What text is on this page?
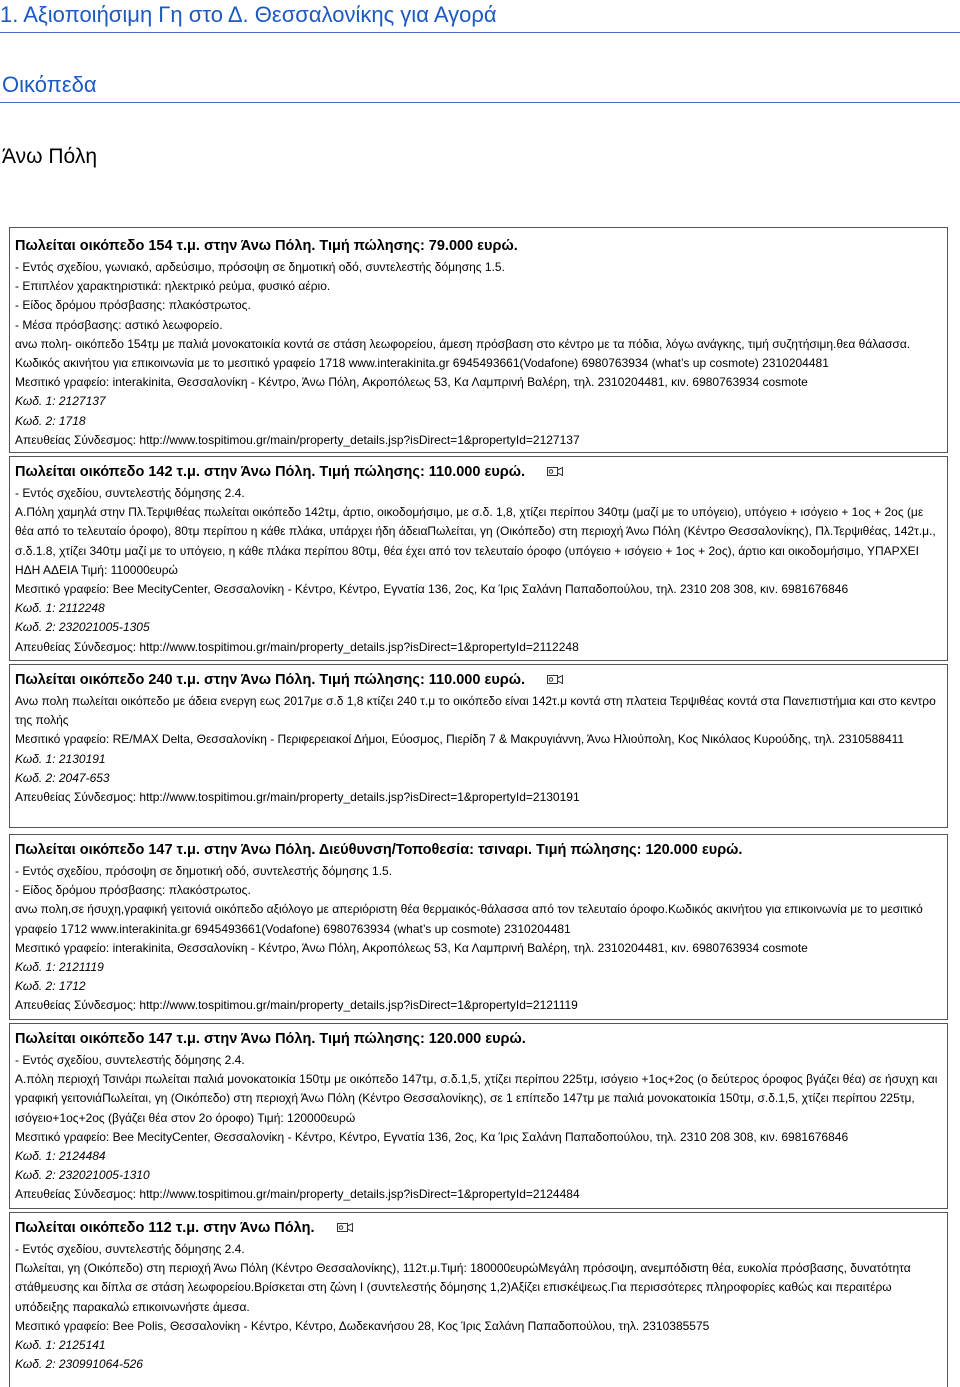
1. Αξιοποιήσιμη Γη στο Δ. Θεσσαλονίκης για Αγορά
Οικόπεδα
Άνω Πόλη
Πωλείται οικόπεδο 154 τ.μ. στην Άνω Πόλη. Τιμή πώλησης: 79.000 ευρώ.
- Εντός σχεδίου, γωνιακό, αρδεύσιμο, πρόσοψη σε δημοτική οδό, συντελεστής δόμησης 1.5.
- Επιπλέον χαρακτηριστικά: ηλεκτρικό ρεύμα, φυσικό αέριο.
- Είδος δρόμου πρόσβασης: πλακόστρωτος.
- Μέσα πρόσβασης: αστικό λεωφορείο.
ανω πολη- οικόπεδο 154τμ με παλιά μονοκατοικία κοντά σε στάση λεωφορείου, άμεση πρόσβαση στο κέντρο με τα πόδια, λόγω ανάγκης, τιμή συζητήσιμη.θεα θάλασσα. Κωδικός ακινήτου για επικοινωνία με το μεσιτικό γραφείο 1718 www.interakinita.gr 6945493661(Vodafone) 6980763934 (what’s up cosmote) 2310204481
Μεσιτικό γραφείο: interakinita, Θεσσαλονίκη - Κέντρο, Άνω Πόλη, Ακροπόλεως 53, Κα Λαμπρινή Βαλέρη, τηλ. 2310204481, κιν. 6980763934 cosmote
Κωδ. 1: 2127137
Κωδ. 2: 1718
Απευθείας Σύνδεσμος: http://www.tospitimou.gr/main/property_details.jsp?isDirect=1&propertyId=2127137
Πωλείται οικόπεδο 142 τ.μ. στην Άνω Πόλη. Τιμή πώλησης: 110.000 ευρώ.
- Εντός σχεδίου, συντελεστής δόμησης 2.4.
Α.Πόλη χαμηλά στην Πλ.Τερψιθέας πωλείται οικόπεδο 142τμ, άρτιο, οικοδομήσιμο, με σ.δ. 1,8, χτίζει περίπου 340τμ (μαζί με το υπόγειο), υπόγειο + ισόγειο + 1ος + 2ος (με θέα από το τελευταίο όροφο), 80τμ περίπου η κάθε πλάκα, υπάρχει ήδη άδειαΠωλείται, γη (Οικόπεδο) στη περιοχή Άνω Πόλη (Κέντρο Θεσσαλονίκης), Πλ.Τερψιθέας, 142τ.μ., σ.δ.1.8, χτίζει 340τμ μαζί με το υπόγειο, η κάθε πλάκα περίπου 80τμ, θέα έχει από τον τελευταίο όροφο (υπόγειο + ισόγειο + 1ος + 2ος), άρτιο και οικοδομήσιμο, ΥΠΑΡΧΕΙ ΗΔΗ ΑΔΕΙΑ Τιμή: 110000ευρώ
Μεσιτικό γραφείο: Bee MecityCenter, Θεσσαλονίκη - Κέντρο, Κέντρο, Εγνατία 136, 2ος, Κα Ίρις Σαλάνη Παπαδοπούλου, τηλ. 2310 208 308, κιν. 6981676846
Κωδ. 1: 2112248
Κωδ. 2: 232021005-1305
Απευθείας Σύνδεσμος: http://www.tospitimou.gr/main/property_details.jsp?isDirect=1&propertyId=2112248
Πωλείται οικόπεδο 240 τ.μ. στην Άνω Πόλη. Τιμή πώλησης: 110.000 ευρώ.
Ανω πολη πωλείται οικόπεδο με άδεια ενεργη εως 2017με σ.δ 1,8 κτίζει 240 τ.μ το οικόπεδο είναι 142τ.μ κοντά στη πλατεια Τερψιθέας κοντά στα Πανεπιστήμια και στο κεντρο της πολής
Μεσιτικό γραφείο: RE/MAX Delta, Θεσσαλονίκη - Περιφερειακοί Δήμοι, Εύοσμος, Πιερίδη 7 & Μακρυγιάννη, Άνω Ηλιούπολη, Κος Νικόλαος Κυρούδης, τηλ. 2310588411
Κωδ. 1: 2130191
Κωδ. 2: 2047-653
Απευθείας Σύνδεσμος: http://www.tospitimou.gr/main/property_details.jsp?isDirect=1&propertyId=2130191
Πωλείται οικόπεδο 147 τ.μ. στην Άνω Πόλη. Διεύθυνση/Τοποθεσία: τσιναρι. Τιμή πώλησης: 120.000 ευρώ.
- Εντός σχεδίου, πρόσοψη σε δημοτική οδό, συντελεστής δόμησης 1.5.
- Είδος δρόμου πρόσβασης: πλακόστρωτος.
ανω πολη,σε ήσυχη,γραφική γειτονιά οικόπεδο αξιόλογο με απεριόριστη θέα θερμαικός-θάλασσα από τον τελευταίο όροφο.Κωδικός ακινήτου για επικοινωνία με το μεσιτικό γραφείο 1712 www.interakinita.gr 6945493661(Vodafone) 6980763934 (what’s up cosmote) 2310204481
Μεσιτικό γραφείο: interakinita, Θεσσαλονίκη - Κέντρο, Άνω Πόλη, Ακροπόλεως 53, Κα Λαμπρινή Βαλέρη, τηλ. 2310204481, κιν. 6980763934 cosmote
Κωδ. 1: 2121119
Κωδ. 2: 1712
Απευθείας Σύνδεσμος: http://www.tospitimou.gr/main/property_details.jsp?isDirect=1&propertyId=2121119
Πωλείται οικόπεδο 147 τ.μ. στην Άνω Πόλη. Τιμή πώλησης: 120.000 ευρώ.
- Εντός σχεδίου, συντελεστής δόμησης 2.4.
Α.πόλη περιοχή Τσινάρι πωλείται παλιά μονοκατοικία 150τμ με οικόπεδο 147τμ, σ.δ.1,5, χτίζει περίπου 225τμ, ισόγειο +1ος+2ος (ο δεύτερος όροφος βγάζει θέα) σε ήσυχη και γραφική γειτονιάΠωλείται, γη (Οικόπεδο) στη περιοχή Άνω Πόλη (Κέντρο Θεσσαλονίκης), σε 1 επίπεδο 147τμ με παλιά μονοκατοικία 150τμ, σ.δ.1,5, χτίζει περίπου 225τμ, ισόγειο+1ος+2ος (βγάζει θέα στον 2ο όροφο) Τιμή: 120000ευρώ
Μεσιτικό γραφείο: Bee MecityCenter, Θεσσαλονίκη - Κέντρο, Κέντρο, Εγνατία 136, 2ος, Κα Ίρις Σαλάνη Παπαδοπούλου, τηλ. 2310 208 308, κιν. 6981676846
Κωδ. 1: 2124484
Κωδ. 2: 232021005-1310
Απευθείας Σύνδεσμος: http://www.tospitimou.gr/main/property_details.jsp?isDirect=1&propertyId=2124484
Πωλείται οικόπεδο 112 τ.μ. στην Άνω Πόλη.
- Εντός σχεδίου, συντελεστής δόμησης 2.4.
Πωλείται, γη (Οικόπεδο) στη περιοχή Άνω Πόλη (Κέντρο Θεσσαλονίκης), 112τ.μ.Τιμή: 180000ευρώΜεγάλη πρόσοψη, ανεμπόδιστη θέα, ευκολία πρόσβασης, δυνατότητα στάθμευσης και δίπλα σε στάση λεωφορείου.Βρίσκεται στη ζώνη Ι (συντελεστής δόμησης 1,2)Αξίζει επισκέψεως.Για περισσότερες πληροφορίες καθώς και περαιτέρω υπόδειξης παρακαλώ επικοινωνήστε άμεσα.
Μεσιτικό γραφείο: Bee Polis, Θεσσαλονίκη - Κέντρο, Κέντρο, Δωδεκανήσου 28, Κος Ίρις Σαλάνη Παπαδοπούλου, τηλ. 2310385575
Κωδ. 1: 2125141
Κωδ. 2: 230991064-526
